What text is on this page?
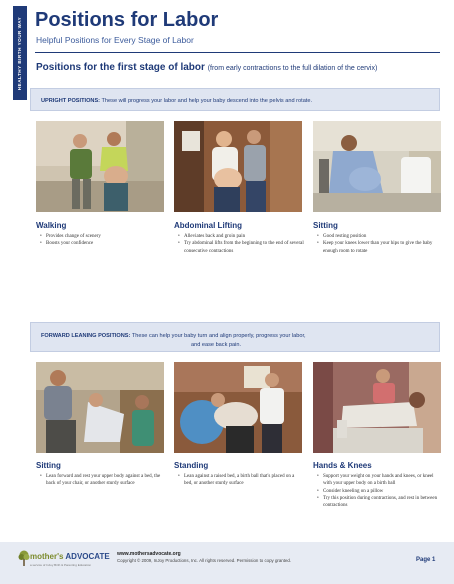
HEALTHY BIRTH YOUR WAY Positions for Labor
Helpful Positions for Every Stage of Labor
Positions for the first stage of labor (from early contractions to the full dilation of the cervix)
UPRIGHT POSITIONS: These will progress your labor and help your baby descend into the pelvis and rotate.
Walking
• Provides change of scenery
• Boosts your confidence
Abdominal Lifting
• Alleviates back and groin pain
• Try abdominal lifts from the beginning to the end of several consecutive contractions
Sitting
• Good resting position
• Keep your knees lower than your hips to give the baby enough room to rotate
FORWARD LEANING POSITIONS: These can help your baby turn and align properly, progress your labor,
and ease back pain.
Sitting
• Lean forward and rest your upper body against a bed, the back of your chair, or another sturdy surface
Standing
• Lean against a raised bed, a birth ball that's placed on a bed, or another sturdy surface
Hands & Knees
• Support your weight on your hands and knees, or kneel with your upper body on a birth ball
• Consider kneeling on a pillow
• Try this position during contractions, and rest in between contractions
mother's ADVOCATE
a service of InJoy Birth & Parenting Education
www.mothersadvocate.org
Copyright © 2009, InJoy Productions, Inc. All rights reserved. Permission to copy granted.	Page 1
